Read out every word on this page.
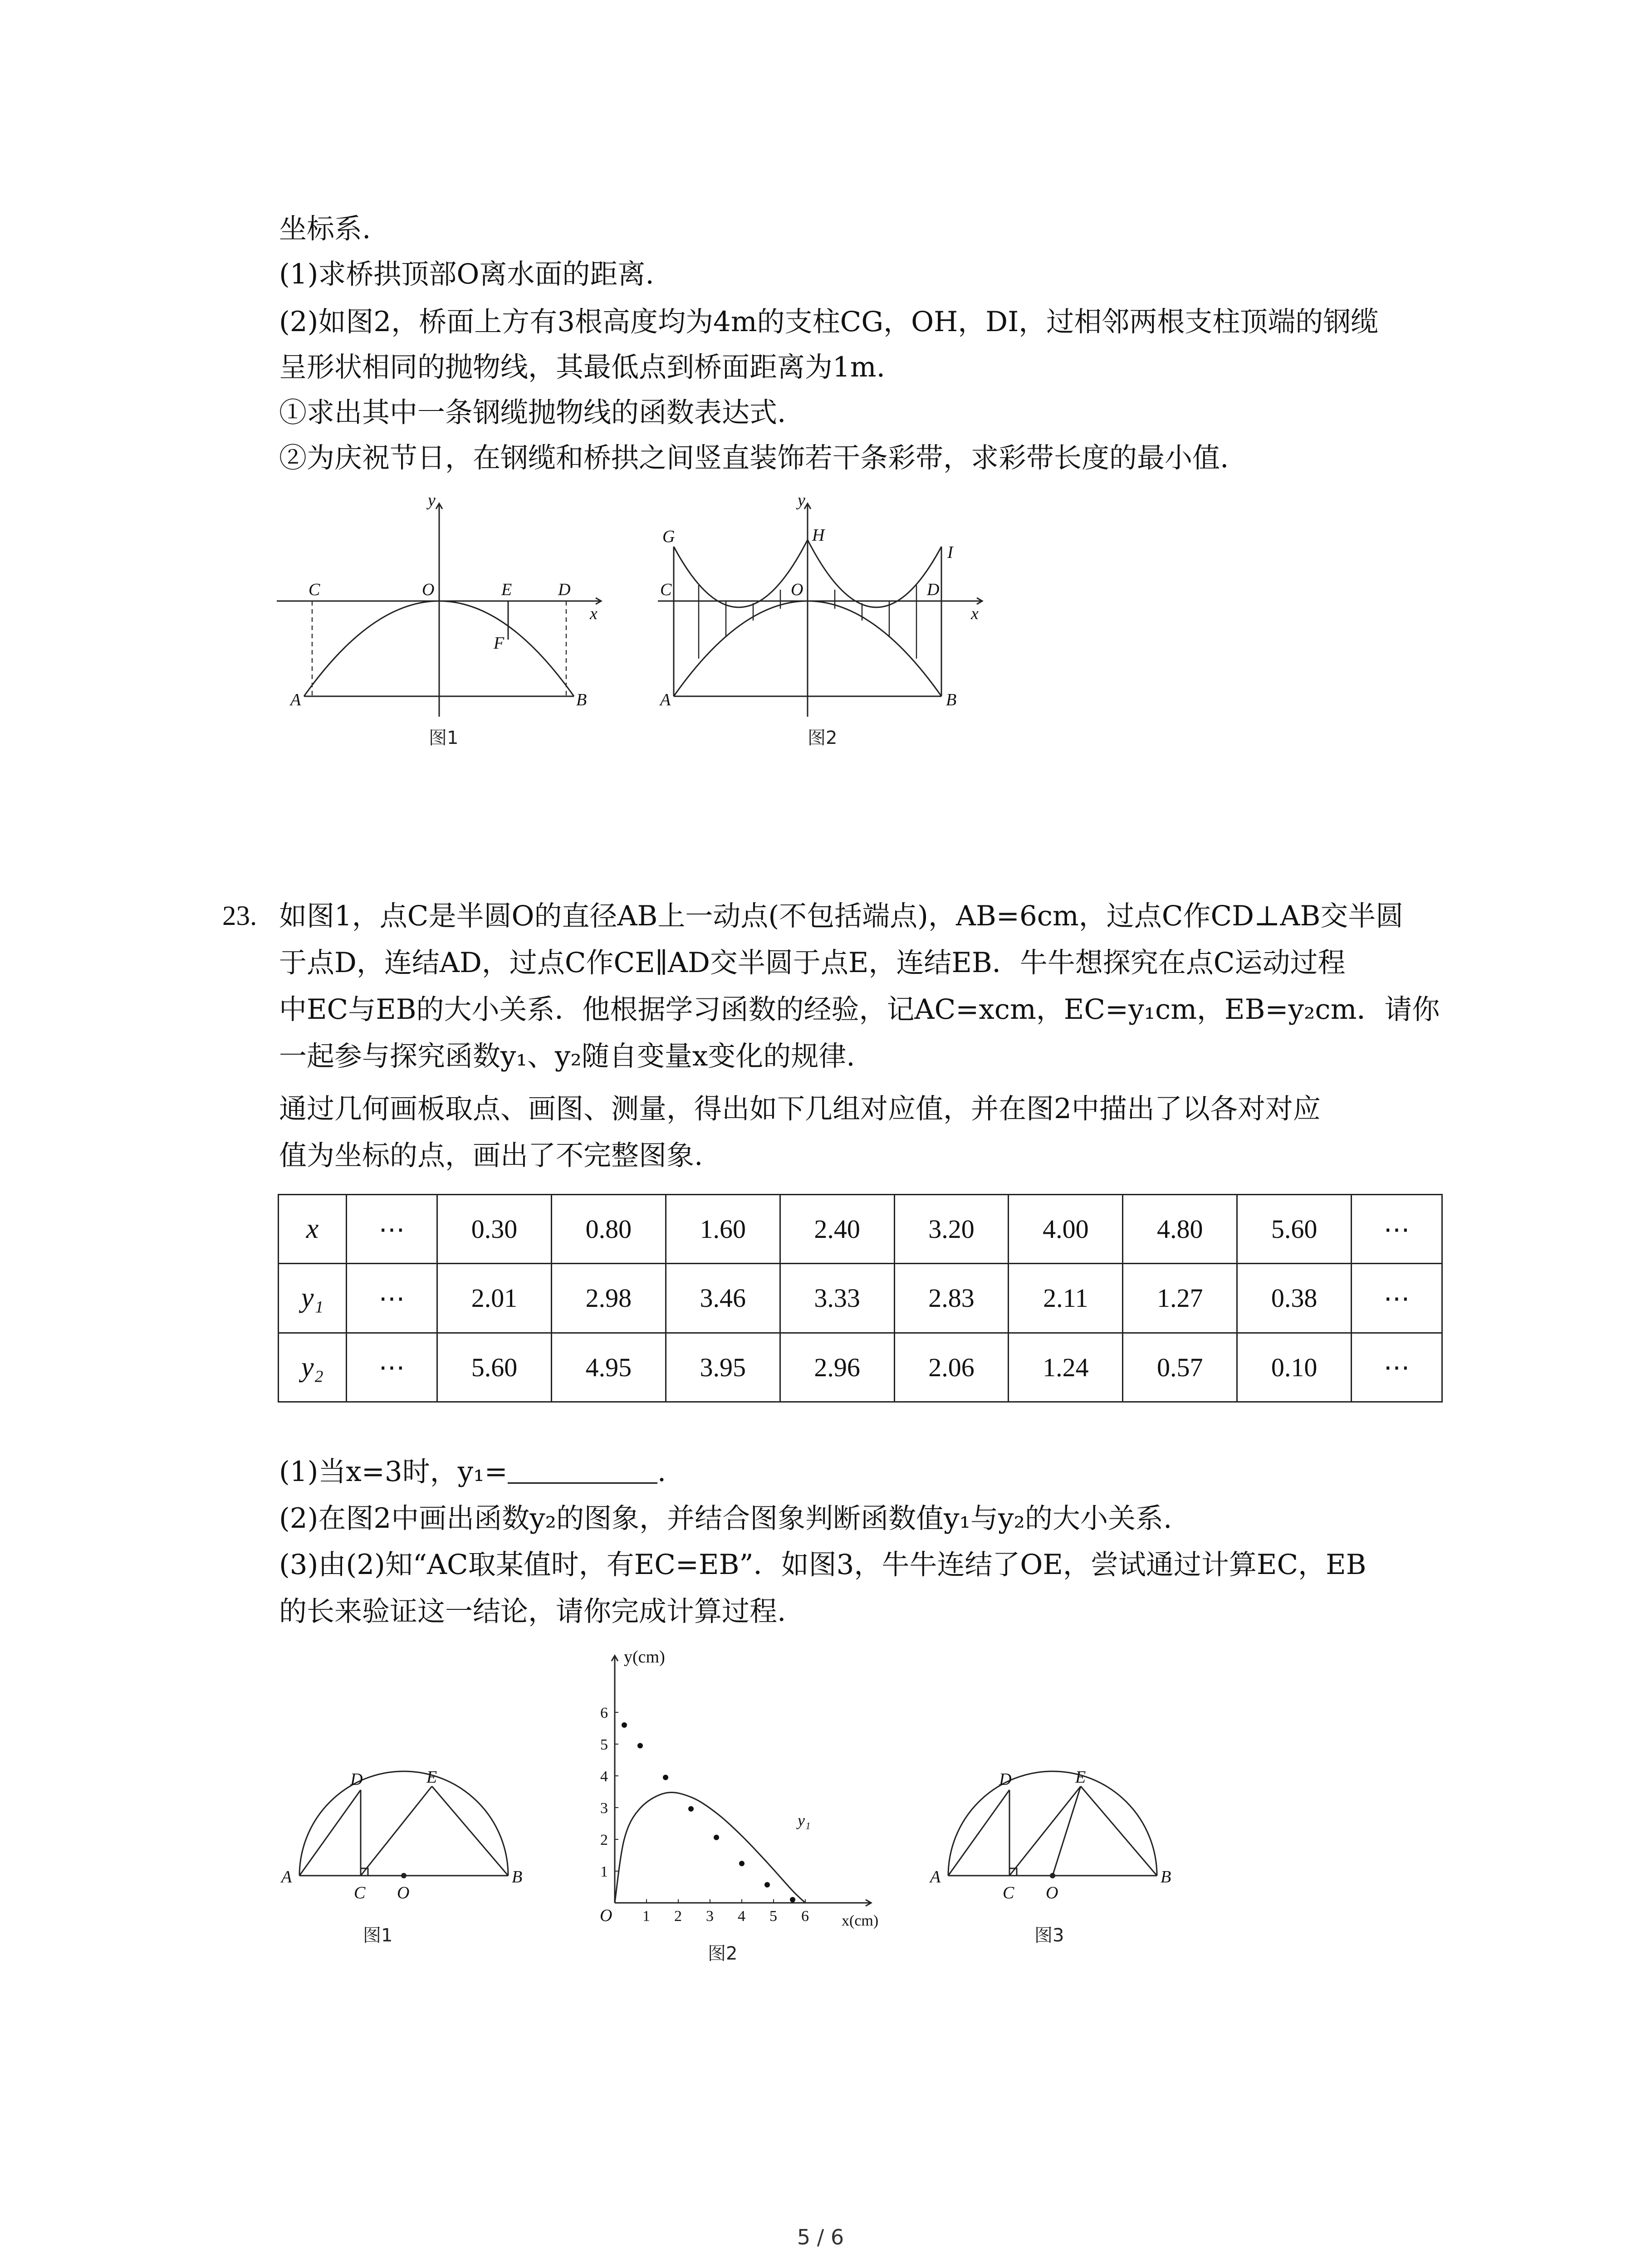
坐标系.
(1)求桥拱顶部O离水面的距离.
(2)如图2，桥面上方有3根高度均为4m的支柱CG，OH，DI，过相邻两根支柱顶端的钢缆
呈形状相同的抛物线，其最低点到桥面距离为1m.
①求出其中一条钢缆抛物线的函数表达式.
②为庆祝节日，在钢缆和桥拱之间竖直装饰若干条彩带，求彩带长度的最小值.
y
C	O	E	D
x
F
A	B
图1
y
G	H
I
C	O	D
x
A	B
图2
23. 如图1，点C是半圆O的直径AB上一动点(不包括端点)，AB=6cm，过点C作CD⊥AB交半圆
于点D，连结AD，过点C作CE∥AD交半圆于点E，连结EB．牛牛想探究在点C运动过程
中EC与EB的大小关系．他根据学习函数的经验，记AC=xcm，EC=y₁cm，EB=y₂cm．请你
一起参与探究函数y₁、y₂随自变量x变化的规律.
通过几何画板取点、画图、测量，得出如下几组对应值，并在图2中描出了以各对对应
值为坐标的点，画出了不完整图象.
x	⋯	0.30	0.80	1.60	2.40	3.20	4.00	4.80	5.60	⋯
y₁	⋯	2.01	2.98	3.46	3.33	2.83	2.11	1.27	0.38	⋯
y₂	⋯	5.60	4.95	3.95	2.96	2.06	1.24	0.57	0.10	⋯
(1)当x=3时，y₁=	.
(2)在图2中画出函数y₂的图象，并结合图象判断函数值y₁与y₂的大小关系.
(3)由(2)知“AC取某值时，有EC=EB”．如图3，牛牛连结了OE，尝试通过计算EC，EB
的长来验证这一结论，请你完成计算过程.
A	B
C O
D	E
图1
1 2 3 4 5 6
1
2
3
4
5
6
y(cm)
x(cm)
O
y₁
图2
A	B
C O
D	E
图3
5 / 6
